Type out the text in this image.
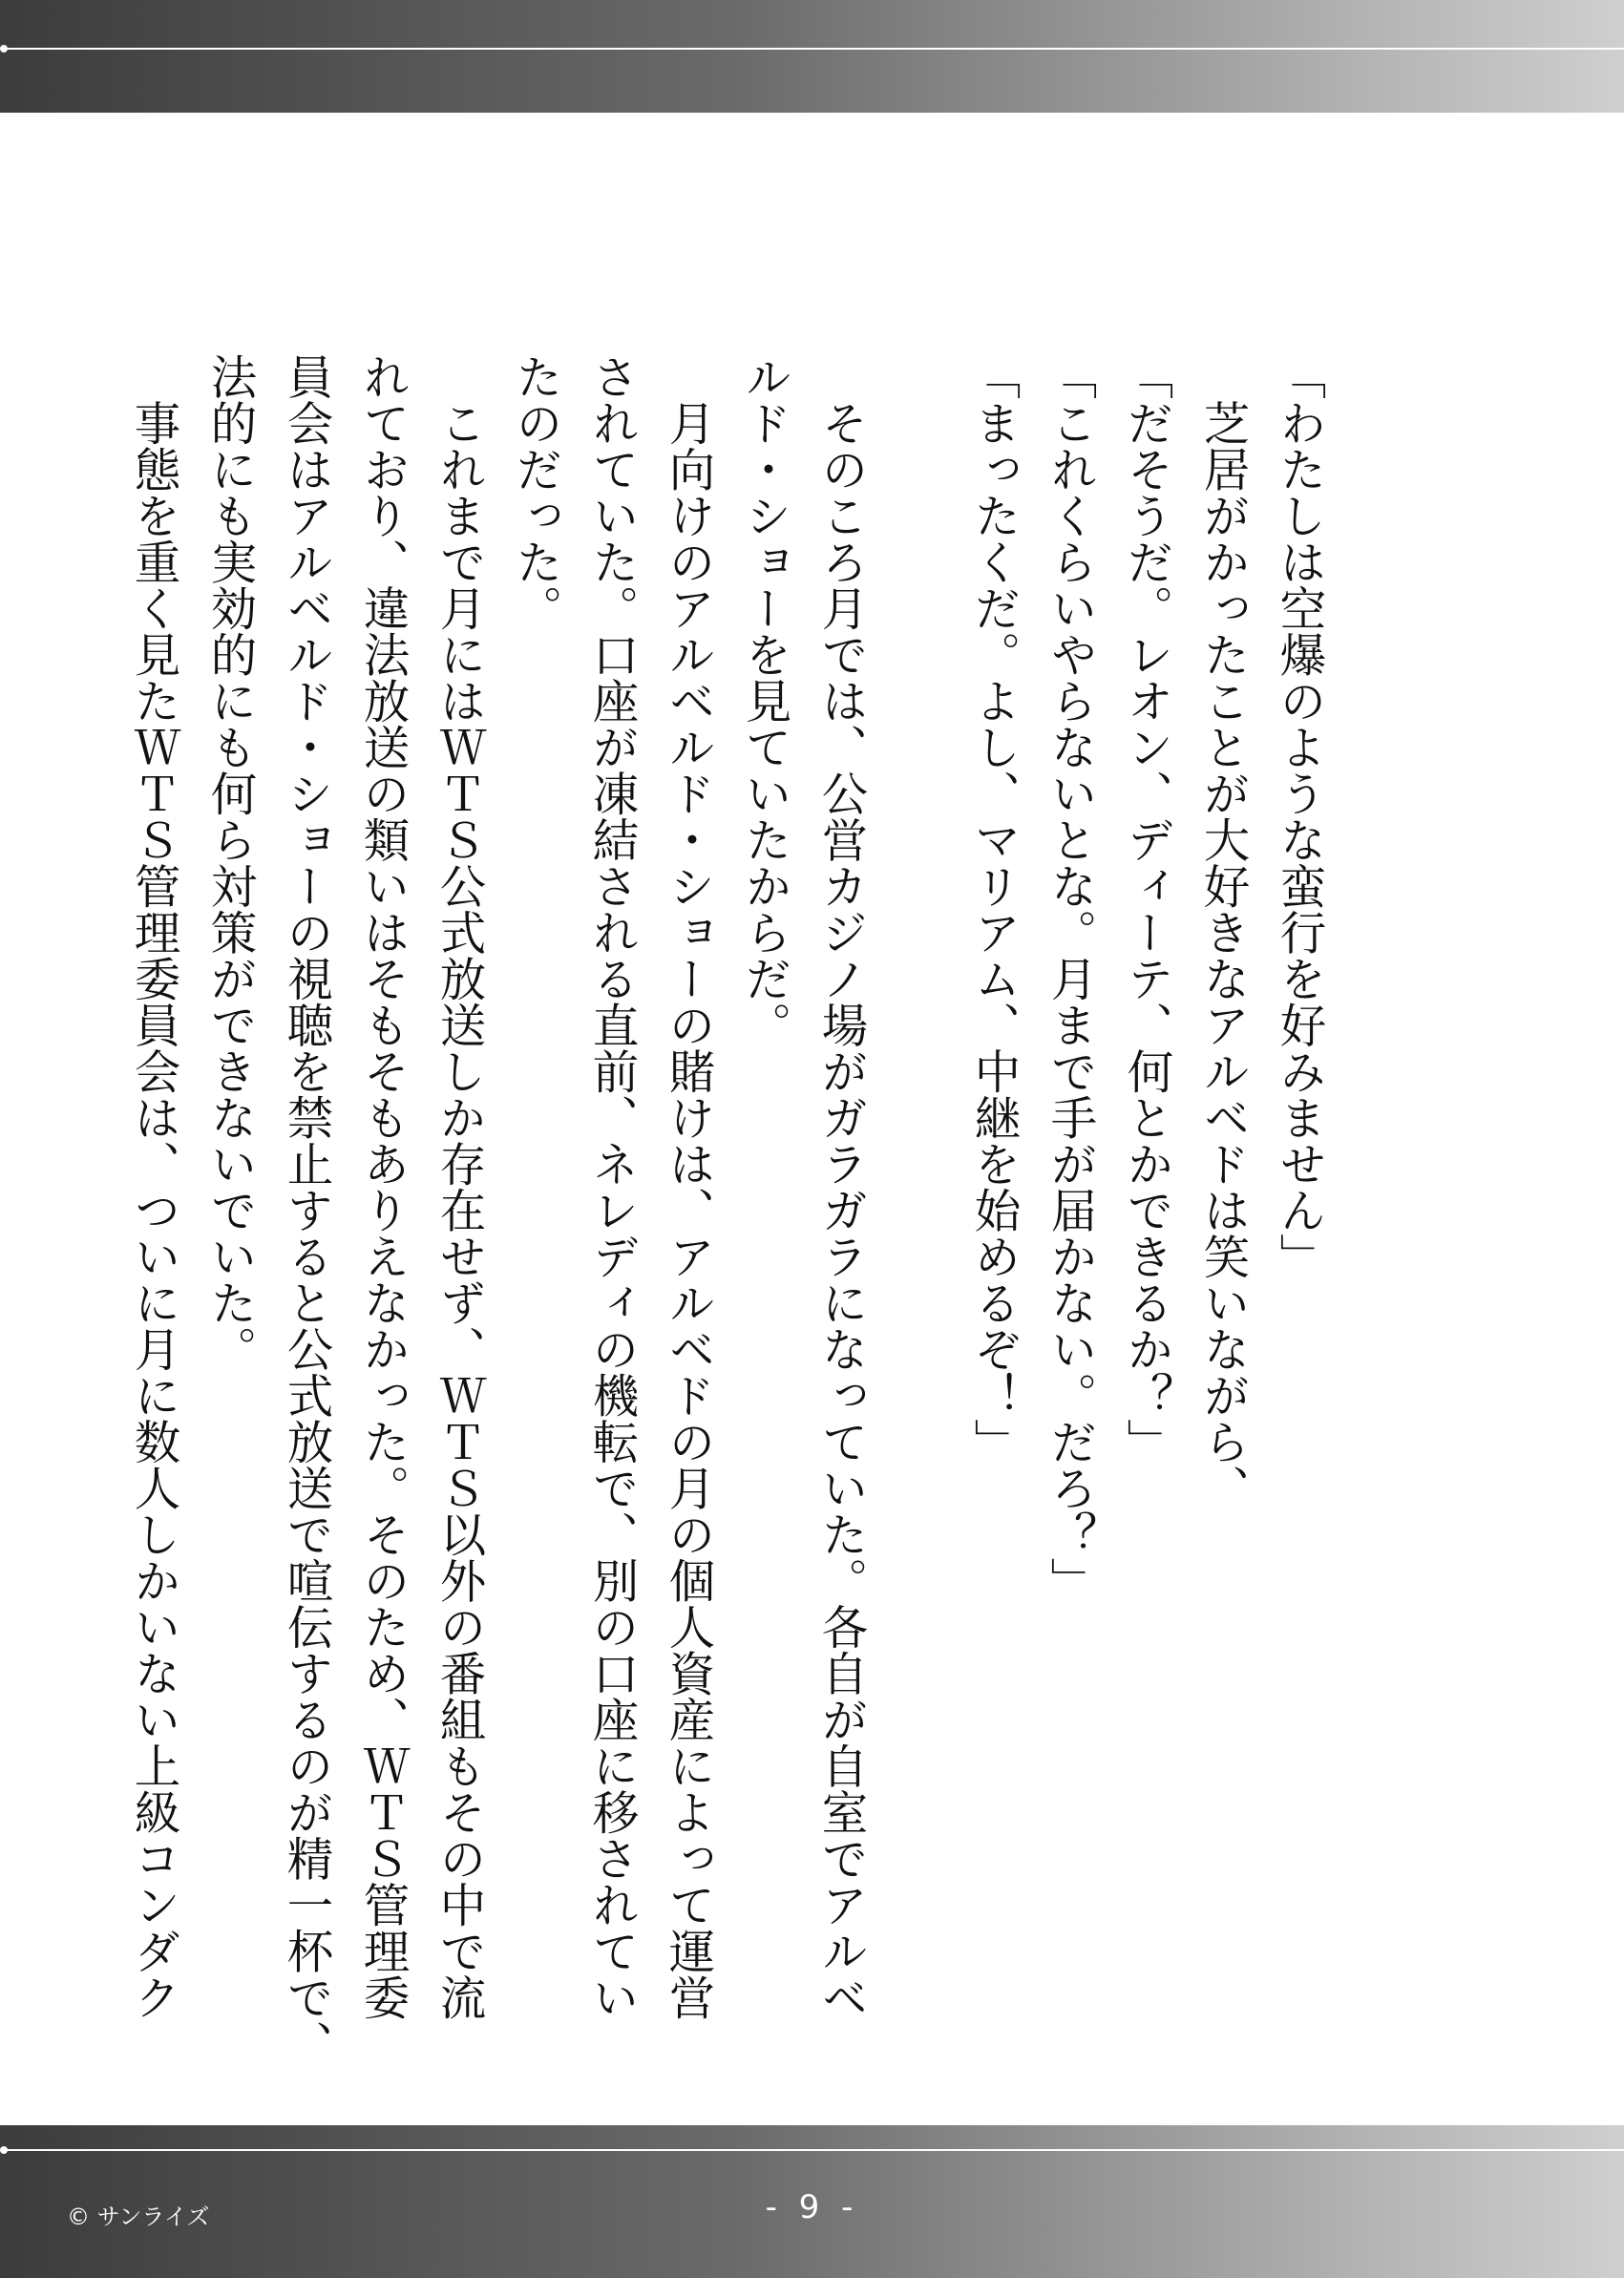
「わたしは空爆のような蛮行を好みません」

　芝居がかったことが大好きなアルベドは笑いながら、

「だそうだ。レオン、ディーテ、何とかできるか？」

「これくらいやらないとな。月まで手が届かない。だろ？」

「まったくだ。よし、マリアム、中継を始めるぞ！」

　そのころ月では、公営カジノ場がガラガラになっていた。各自が自室でアルベ

ルド・ショーを見ていたからだ。

　月向けのアルベルド・ショーの賭けは、アルベドの月の個人資産によって運営

されていた。口座が凍結される直前、ネレディの機転で、別の口座に移されてい

たのだった。

　これまで月にはＷＴＳ公式放送しか存在せず、ＷＴＳ以外の番組もその中で流

れており、違法放送の類いはそもそもありえなかった。そのため、ＷＴＳ管理委

員会はアルベルド・ショーの視聴を禁止すると公式放送で喧伝するのが精一杯で、

法的にも実効的にも何ら対策ができないでいた。

　事態を重く見たＷＴＳ管理委員会は、ついに月に数人しかいない上級コンダク

© サンライズ	- 9 -
